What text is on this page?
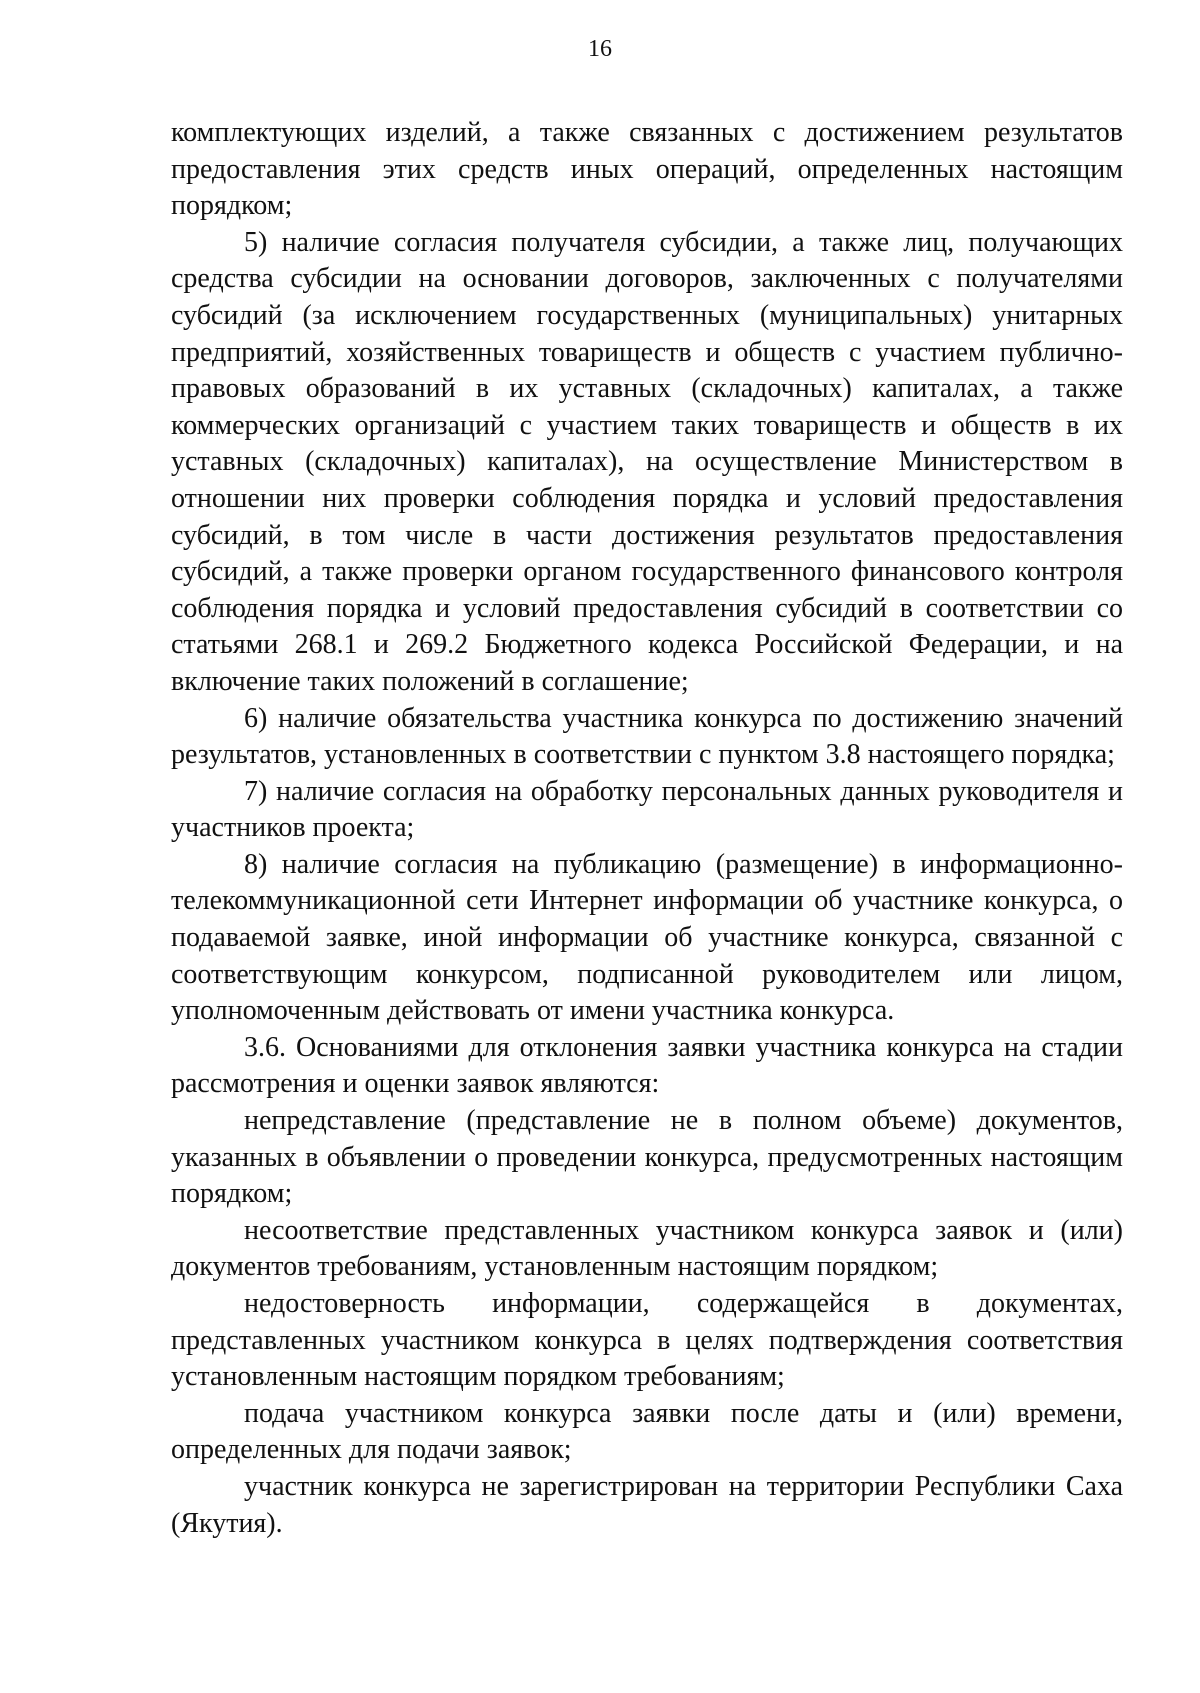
16

комплектующих изделий, а также связанных с достижением результатов предоставления этих средств иных операций, определенных настоящим порядком;

5) наличие согласия получателя субсидии, а также лиц, получающих средства субсидии на основании договоров, заключенных с получателями субсидий (за исключением государственных (муниципальных) унитарных предприятий, хозяйственных товариществ и обществ с участием публично-правовых образований в их уставных (складочных) капиталах, а также коммерческих организаций с участием таких товариществ и обществ в их уставных (складочных) капиталах), на осуществление Министерством в отношении них проверки соблюдения порядка и условий предоставления субсидий, в том числе в части достижения результатов предоставления субсидий, а также проверки органом государственного финансового контроля соблюдения порядка и условий предоставления субсидий в соответствии со статьями 268.1 и 269.2 Бюджетного кодекса Российской Федерации, и на включение таких положений в соглашение;

6) наличие обязательства участника конкурса по достижению значений результатов, установленных в соответствии с пунктом 3.8 настоящего порядка;

7) наличие согласия на обработку персональных данных руководителя и участников проекта;

8) наличие согласия на публикацию (размещение) в информационно-телекоммуникационной сети Интернет информации об участнике конкурса, о подаваемой заявке, иной информации об участнике конкурса, связанной с соответствующим конкурсом, подписанной руководителем или лицом, уполномоченным действовать от имени участника конкурса.

3.6. Основаниями для отклонения заявки участника конкурса на стадии рассмотрения и оценки заявок являются:

непредставление (представление не в полном объеме) документов, указанных в объявлении о проведении конкурса, предусмотренных настоящим порядком;

несоответствие представленных участником конкурса заявок и (или) документов требованиям, установленным настоящим порядком;

недостоверность информации, содержащейся в документах, представленных участником конкурса в целях подтверждения соответствия установленным настоящим порядком требованиям;

подача участником конкурса заявки после даты и (или) времени, определенных для подачи заявок;

участник конкурса не зарегистрирован на территории Республики Саха (Якутия).
